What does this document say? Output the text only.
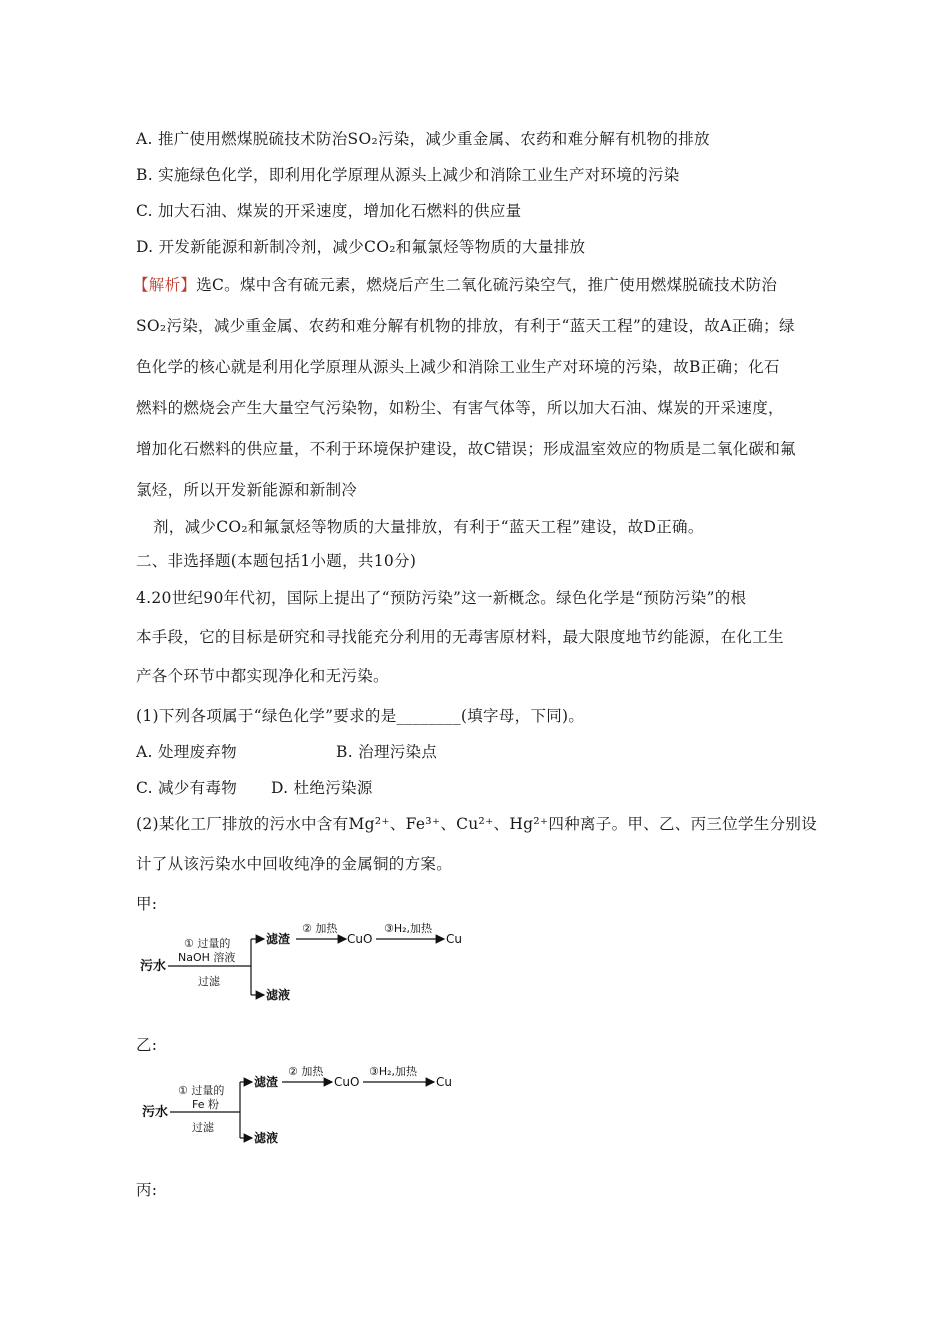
A. 推广使用燃煤脱硫技术防治SO₂污染，减少重金属、农药和难分解有机物的排放
B. 实施绿色化学，即利用化学原理从源头上减少和消除工业生产对环境的污染
C. 加大石油、煤炭的开采速度，增加化石燃料的供应量
D. 开发新能源和新制冷剂，减少CO₂和氟氯烃等物质的大量排放
【解析】选C。煤中含有硫元素，燃烧后产生二氧化硫污染空气，推广使用燃煤脱硫技术防治
SO₂污染，减少重金属、农药和难分解有机物的排放，有利于“蓝天工程”的建设，故A正确；绿
色化学的核心就是利用化学原理从源头上减少和消除工业生产对环境的污染，故B正确；化石
燃料的燃烧会产生大量空气污染物，如粉尘、有害气体等，所以加大石油、煤炭的开采速度，
增加化石燃料的供应量，不利于环境保护建设，故C错误；形成温室效应的物质是二氧化碳和氟
氯烃，所以开发新能源和新制冷
剂，减少CO₂和氟氯烃等物质的大量排放，有利于“蓝天工程”建设，故D正确。
二、非选择题(本题包括1小题，共10分)
4.20世纪90年代初，国际上提出了“预防污染”这一新概念。绿色化学是“预防污染”的根
本手段，它的目标是研究和寻找能充分利用的无毒害原材料，最大限度地节约能源，在化工生
产各个环节中都实现净化和无污染。
(1)下列各项属于“绿色化学”要求的是________(填字母，下同)。
A. 处理废弃物	B. 治理污染点
C. 减少有毒物 D. 杜绝污染源
(2)某化工厂排放的污水中含有Mg²⁺、Fe³⁺、Cu²⁺、Hg²⁺四种离子。甲、乙、丙三位学生分别设
计了从该污染水中回收纯净的金属铜的方案。
甲:
污水
① 过量的
NaOH 溶液
过滤
滤渣
滤液
② 加热
CuO
③H₂,加热
Cu
乙:
污水
① 过量的
Fe 粉
过滤
滤渣
滤液
② 加热
CuO
③H₂,加热
Cu
丙:
